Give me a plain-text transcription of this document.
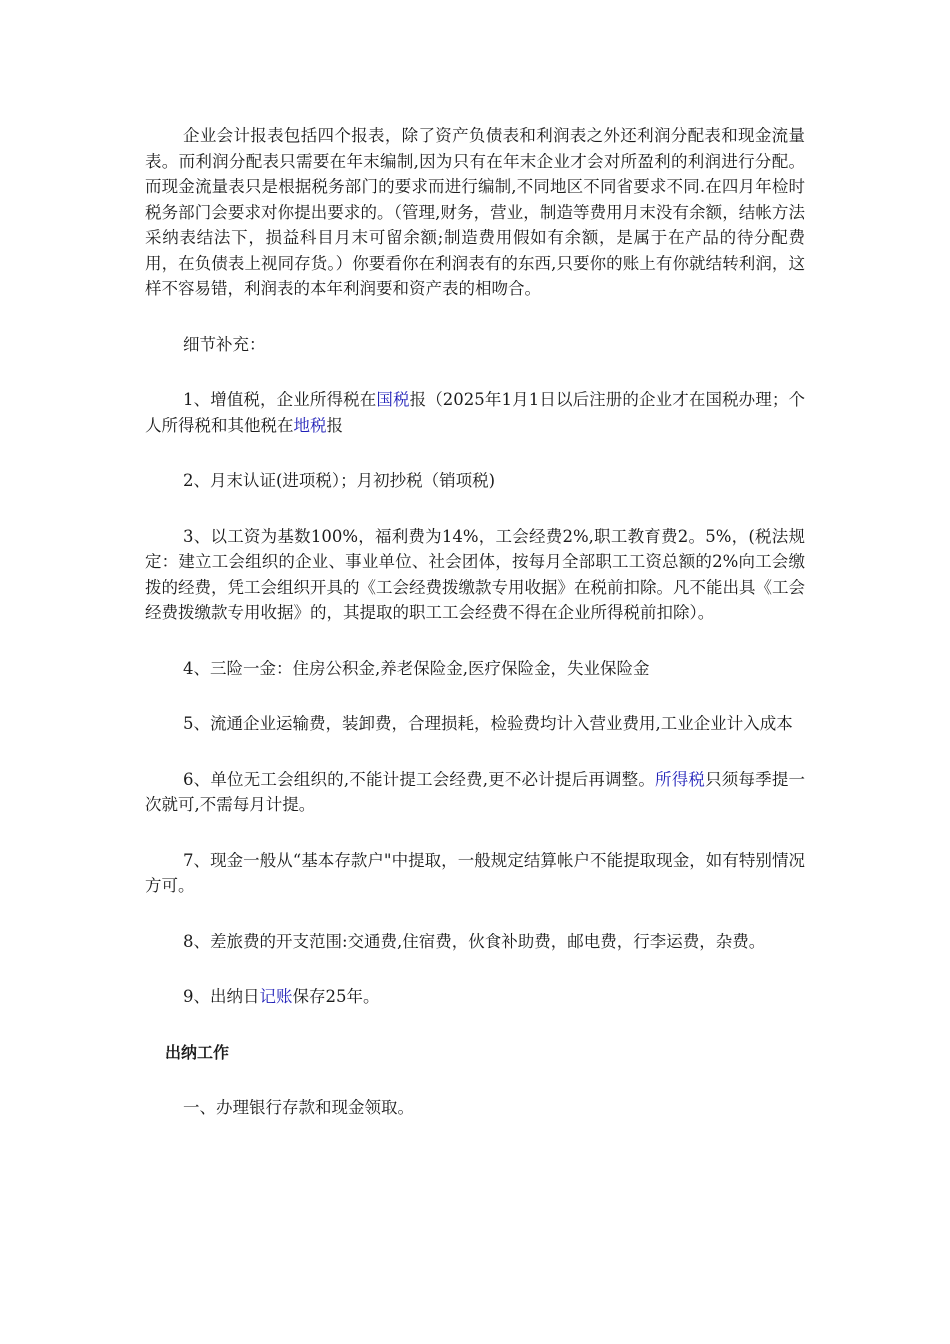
企业会计报表包括四个报表，除了资产负债表和利润表之外还利润分配表和现金流量表。而利润分配表只需要在年末编制,因为只有在年末企业才会对所盈利的利润进行分配。而现金流量表只是根据税务部门的要求而进行编制,不同地区不同省要求不同.在四月年检时税务部门会要求对你提出要求的。（管理,财务，营业，制造等费用月末没有余额，结帐方法采纳表结法下，损益科目月末可留余额;制造费用假如有余额，是属于在产品的待分配费用，在负债表上视同存货。）你要看你在利润表有的东西,只要你的账上有你就结转利润，这样不容易错，利润表的本年利润要和资产表的相吻合。

细节补充：

1、增值税，企业所得税在国税报（2025年1月1日以后注册的企业才在国税办理；个人所得税和其他税在地税报

2、月末认证(进项税）；月初抄税（销项税)

3、以工资为基数100%，福利费为14%，工会经费2%,职工教育费2。5%，(税法规定：建立工会组织的企业、事业单位、社会团体，按每月全部职工工资总额的2%向工会缴拨的经费，凭工会组织开具的《工会经费拨缴款专用收据》在税前扣除。凡不能出具《工会经费拨缴款专用收据》的，其提取的职工工会经费不得在企业所得税前扣除）。

4、三险一金：住房公积金,养老保险金,医疗保险金，失业保险金

5、流通企业运输费，装卸费，合理损耗，检验费均计入营业费用,工业企业计入成本

6、单位无工会组织的,不能计提工会经费,更不必计提后再调整。所得税只须每季提一次就可,不需每月计提。

7、现金一般从“基本存款户"中提取，一般规定结算帐户不能提取现金，如有特别情况方可。

8、差旅费的开支范围:交通费,住宿费，伙食补助费，邮电费，行李运费，杂费。

9、出纳日记账保存25年。

出纳工作

一、办理银行存款和现金领取。
